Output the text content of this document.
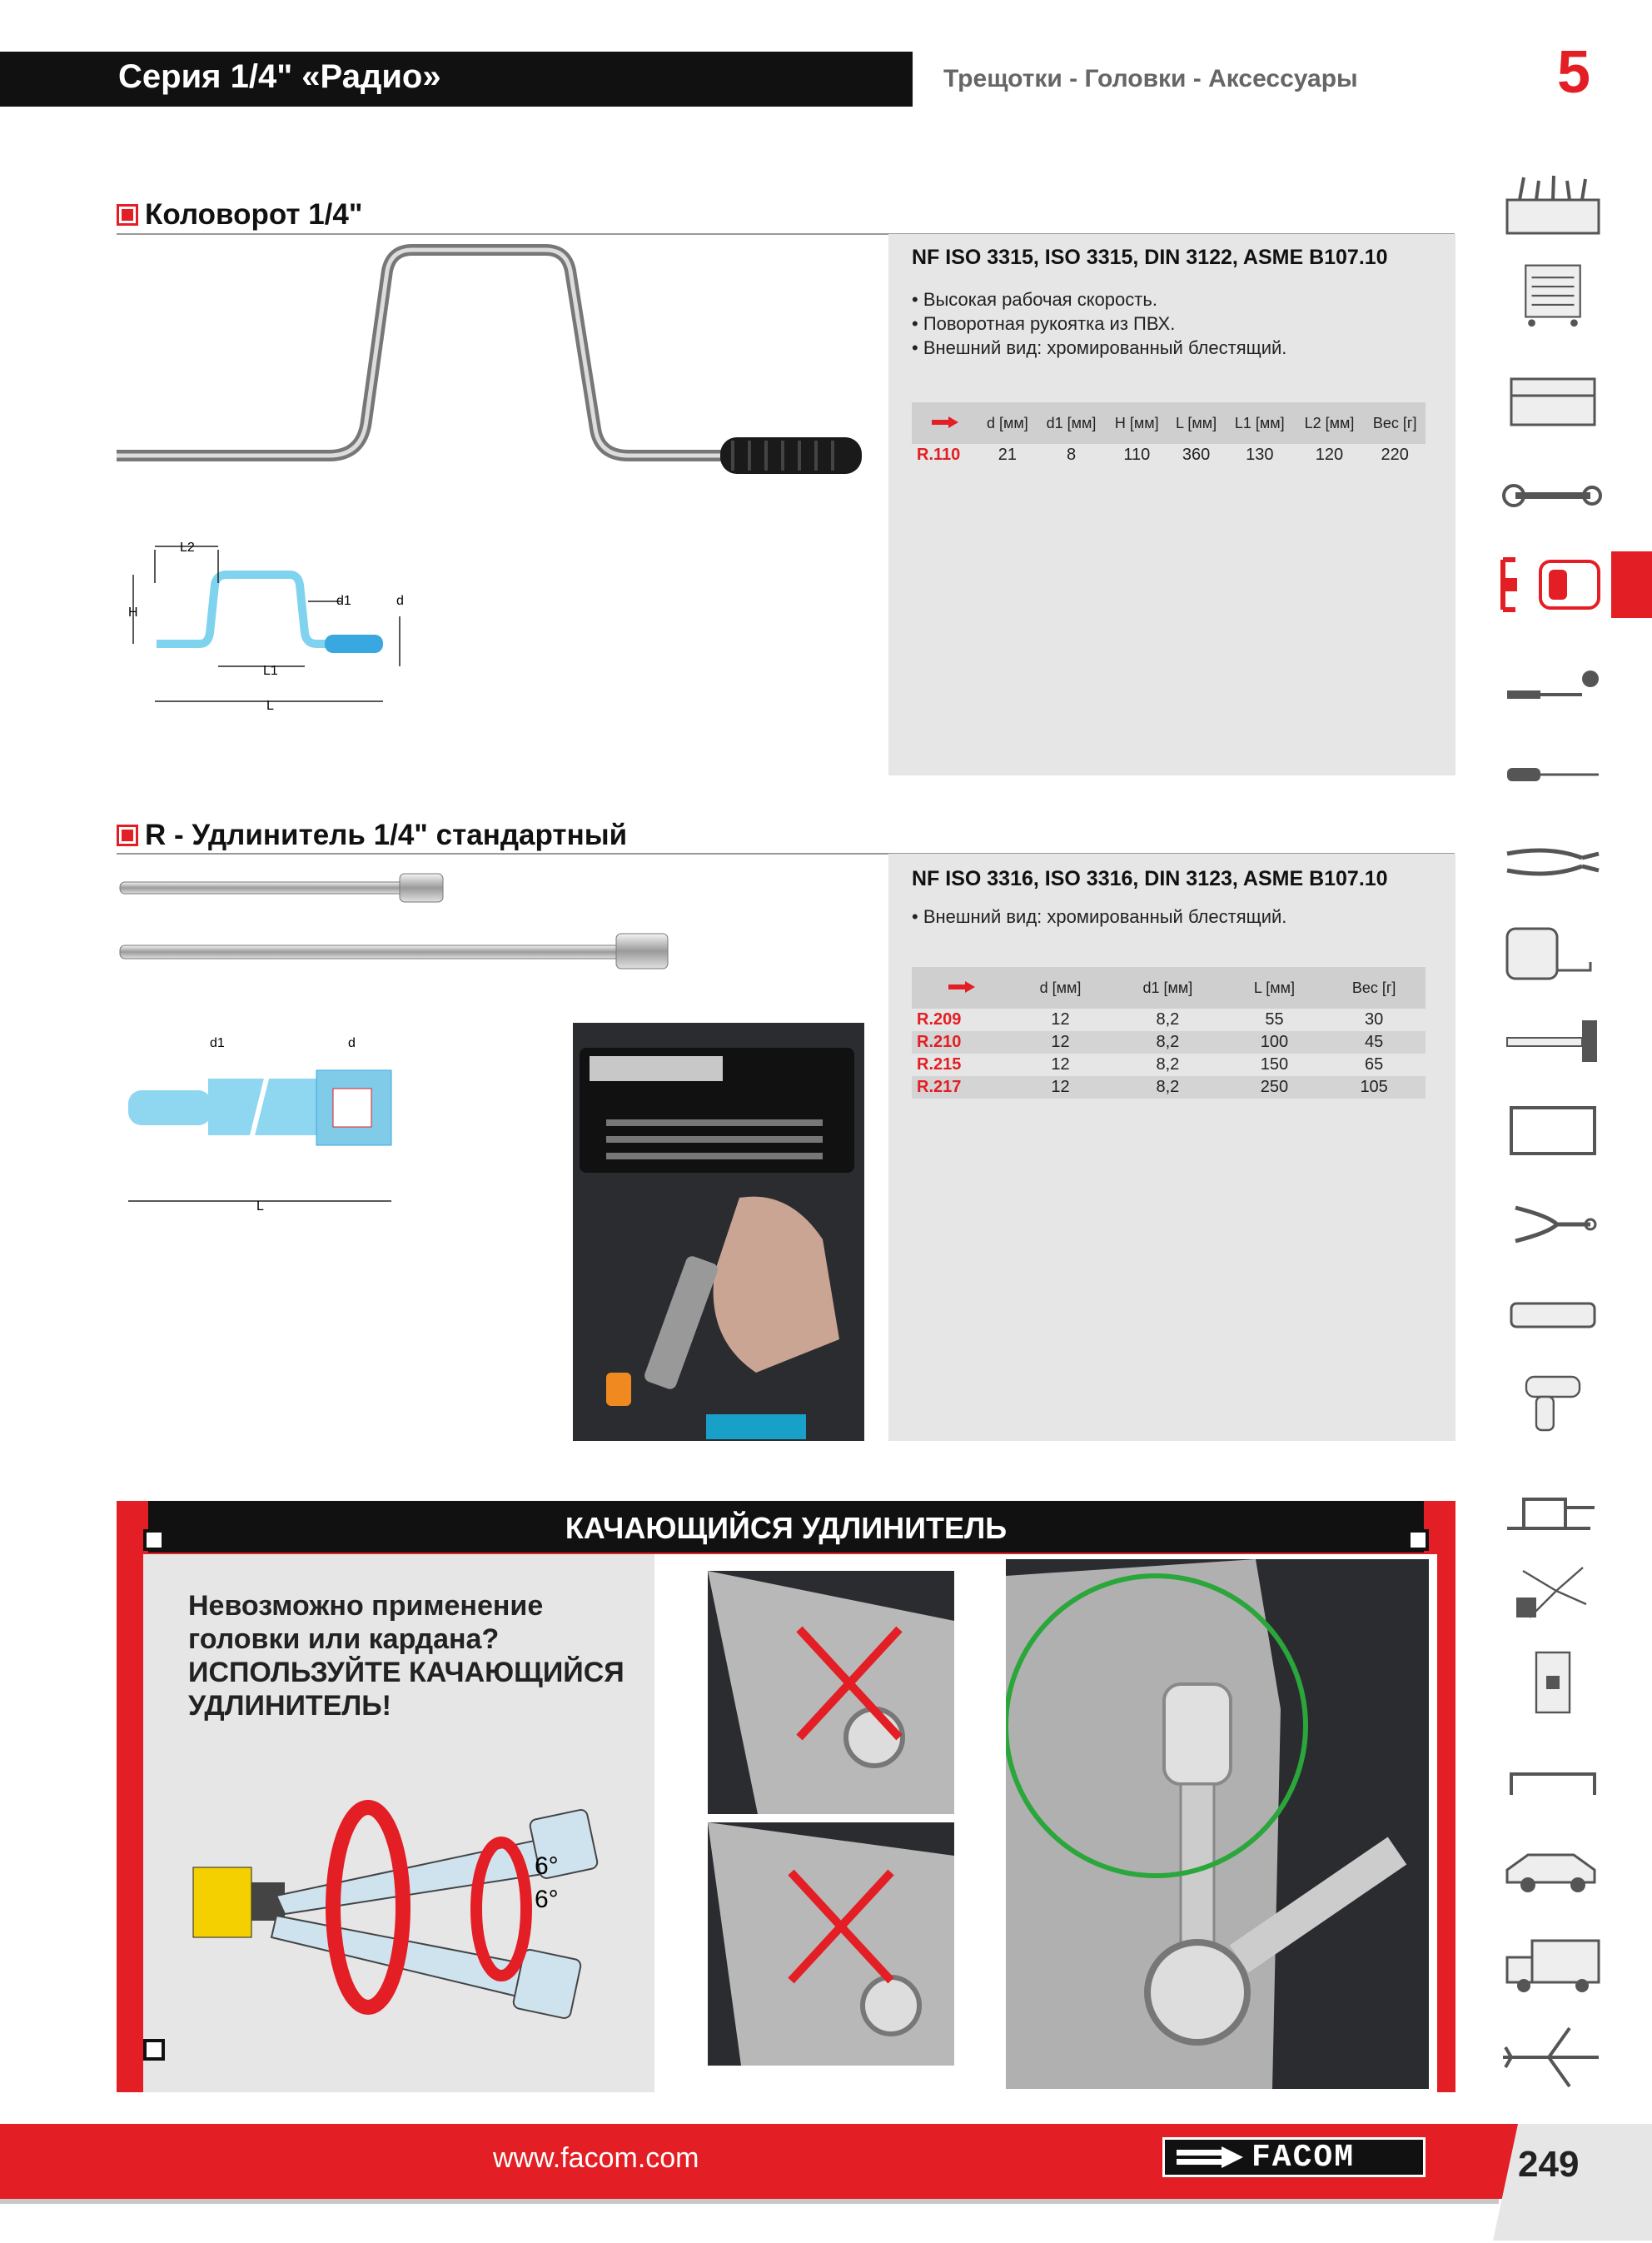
Серия 1/4" «Радио»	Трещотки - Головки - Аксессуары	5
Коловорот 1/4"
L2
H
d1	d
L1
L
NF ISO 3315, ISO 3315, DIN 3122, ASME B107.10
• Высокая рабочая скорость.
• Поворотная рукоятка из ПВХ.
• Внешний вид: хромированный блестящий.
	d [мм]	d1 [мм]	H [мм]	L [мм]	L1 [мм]	L2 [мм]	Вес [г]
R.110	21	8	110	360	130	120	220
R - Удлинитель 1/4" стандартный
d1	d
L
NF ISO 3316, ISO 3316, DIN 3123, ASME B107.10
• Внешний вид: хромированный блестящий.
	d [мм]	d1 [мм]	L [мм]	Вес [г]
R.209	12	8,2	55	30
R.210	12	8,2	100	45
R.215	12	8,2	150	65
R.217	12	8,2	250	105
КАЧАЮЩИЙСЯ УДЛИНИТЕЛЬ
Невозможно применение
головки или кардана?
ИСПОЛЬЗУЙТЕ КАЧАЮЩИЙСЯ
УДЛИНИТЕЛЬ!
6°
6°
www.facom.com	FACOM	249
